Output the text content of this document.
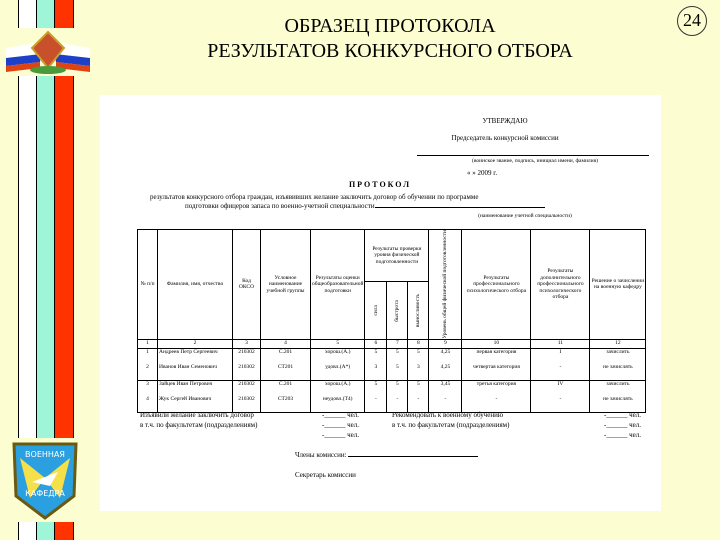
ВОЕННАЯ
КАФЕДРА
ОБРАЗЕЦ ПРОТОКОЛА
РЕЗУЛЬТАТОВ КОНКУРСНОГО ОТБОРА
24
УТВЕРЖДАЮ
Председатель конкурсной комиссии
(воинское звание, подпись, инициал имени, фамилия)
« » 2009 г.
ПРОТОКОЛ
результатов конкурсного отбора граждан, изъявивших желание заключить договор об обучении по программе
подготовки офицеров запаса по военно-учетной специальности
(наименование учетной специальности)
№ п/п	Фамилия, имя, отчество	Код ОКСО	Условное наименование учебной группы	Результаты оценки общеобразовательной подготовки	Результаты проверки уровня физической подготовленности			Уровень общей физической подготовленности	Результаты профессионального психологического отбора	Результаты дополнительного профессионального психологического отбора	Решение о зачислении на военную кафедру

					сила	быстрота	выносливость				

1	2	3	4	5	6	7	8	9	10	11	12
1	Андреев Петр Сергеевич	210302	С.201	хорош.(А.)	5	5	5	4,25	первая категория	I	зачислить
2	Иванов Иван Семенович	210302	СТ201	удовл.(А*)	3	5	3	4,25	четвертая категория	-	не зачислять
3	Зайцев Иван Петрович	210302	С.201	хорош.(А.)	5	5	5	3,45	третья категория	IV	зачислить
4	Жук Сергей Иванович	210302	СТ203	неудовл.(Т4)	-	-	-	-	-	-	не зачислять
Изъявили желание заключить договор
в т.ч. по факультетам (подразделениям)
-______ чел.
-______ чел.
-______ чел.
Рекомендовать к военному обучению
в т.ч. по факультетам (подразделениям)
-______ чел.
-______ чел.
-______ чел.
Члены комиссии:
Секретарь комиссии
